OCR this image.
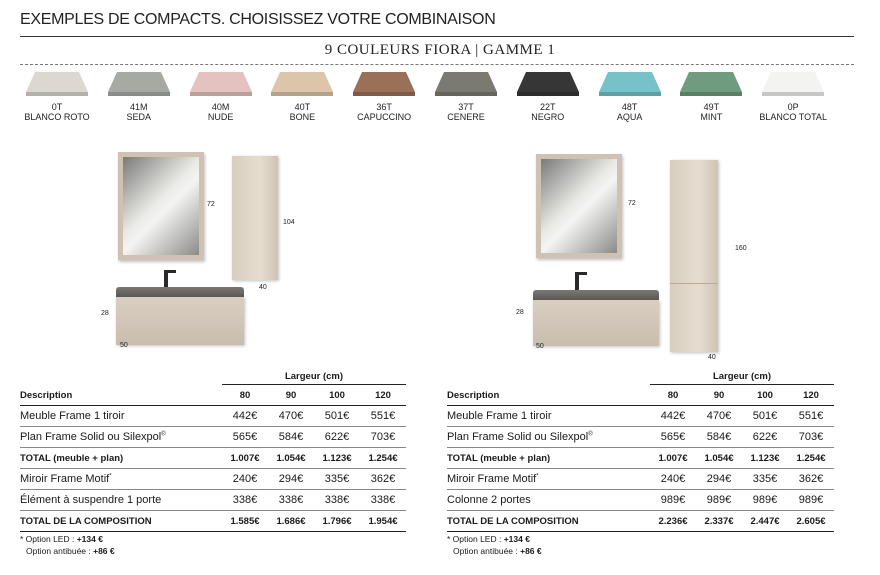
EXEMPLES DE COMPACTS. CHOISISSEZ VOTRE COMBINAISON
9 COULEURS FIORA | GAMME 1
0T
BLANCO ROTO
41M
SEDA
40M
NUDE
40T
BONE
36T
CAPUCCINO
37T
CENERE
22T
NEGRO
48T
AQUA
49T
MINT
0P
BLANCO TOTAL
72
104
40
28
50
72
160
40
28
50
Largeur (cm)
Description	80	90	100	120
Meuble Frame 1 tiroir	442€	470€	501€	551€
Plan Frame Solid ou Silexpol®	565€	584€	622€	703€
TOTAL (meuble + plan)	1.007€	1.054€	1.123€	1.254€
Miroir Frame Motif*	240€	294€	335€	362€
Élément à suspendre 1 porte	338€	338€	338€	338€
TOTAL DE LA COMPOSITION	1.585€	1.686€	1.796€	1.954€
* Option LED : +134 €
Option antibuée : +86 €
Largeur (cm)
Description	80	90	100	120
Meuble Frame 1 tiroir	442€	470€	501€	551€
Plan Frame Solid ou Silexpol®	565€	584€	622€	703€
TOTAL (meuble + plan)	1.007€	1.054€	1.123€	1.254€
Miroir Frame Motif*	240€	294€	335€	362€
Colonne 2 portes	989€	989€	989€	989€
TOTAL DE LA COMPOSITION	2.236€	2.337€	2.447€	2.605€
* Option LED : +134 €
Option antibuée : +86 €
